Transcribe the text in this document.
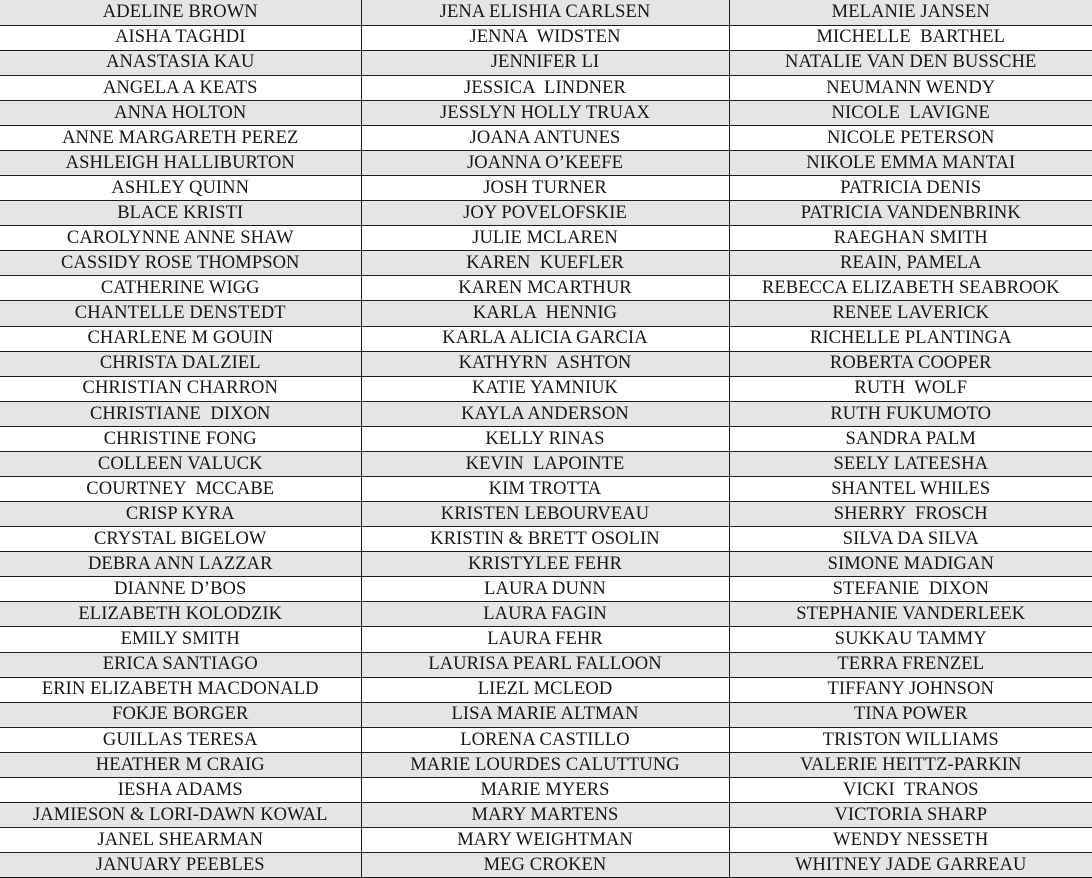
ADELINE BROWN	JENA ELISHIA CARLSEN	MELANIE JANSEN
AISHA TAGHDI	JENNA  WIDSTEN	MICHELLE  BARTHEL
ANASTASIA KAU	JENNIFER LI	NATALIE VAN DEN BUSSCHE
ANGELA A KEATS	JESSICA  LINDNER	NEUMANN WENDY
ANNA HOLTON	JESSLYN HOLLY TRUAX	NICOLE  LAVIGNE
ANNE MARGARETH PEREZ	JOANA ANTUNES	NICOLE PETERSON
ASHLEIGH HALLIBURTON	JOANNA O’KEEFE	NIKOLE EMMA MANTAI
ASHLEY QUINN	JOSH TURNER	PATRICIA DENIS
BLACE KRISTI	JOY POVELOFSKIE	PATRICIA VANDENBRINK
CAROLYNNE ANNE SHAW	JULIE MCLAREN	RAEGHAN SMITH
CASSIDY ROSE THOMPSON	KAREN  KUEFLER	REAIN, PAMELA
CATHERINE WIGG	KAREN MCARTHUR	REBECCA ELIZABETH SEABROOK
CHANTELLE DENSTEDT	KARLA  HENNIG	RENEE LAVERICK
CHARLENE M GOUIN	KARLA ALICIA GARCIA	RICHELLE PLANTINGA
CHRISTA DALZIEL	KATHYRN  ASHTON	ROBERTA COOPER
CHRISTIAN CHARRON	KATIE YAMNIUK	RUTH  WOLF
CHRISTIANE  DIXON	KAYLA ANDERSON	RUTH FUKUMOTO
CHRISTINE FONG	KELLY RINAS	SANDRA PALM
COLLEEN VALUCK	KEVIN  LAPOINTE	SEELY LATEESHA
COURTNEY  MCCABE	KIM TROTTA	SHANTEL WHILES
CRISP KYRA	KRISTEN LEBOURVEAU	SHERRY  FROSCH
CRYSTAL BIGELOW	KRISTIN & BRETT OSOLIN	SILVA DA SILVA
DEBRA ANN LAZZAR	KRISTYLEE FEHR	SIMONE MADIGAN
DIANNE D’BOS	LAURA DUNN	STEFANIE  DIXON
ELIZABETH KOLODZIK	LAURA FAGIN	STEPHANIE VANDERLEEK
EMILY SMITH	LAURA FEHR	SUKKAU TAMMY
ERICA SANTIAGO	LAURISA PEARL FALLOON	TERRA FRENZEL
ERIN ELIZABETH MACDONALD	LIEZL MCLEOD	TIFFANY JOHNSON
FOKJE BORGER	LISA MARIE ALTMAN	TINA POWER
GUILLAS TERESA	LORENA CASTILLO	TRISTON WILLIAMS
HEATHER M CRAIG	MARIE LOURDES CALUTTUNG	VALERIE HEITTZ-PARKIN
IESHA ADAMS	MARIE MYERS	VICKI  TRANOS
JAMIESON & LORI-DAWN KOWAL	MARY MARTENS	VICTORIA SHARP
JANEL SHEARMAN	MARY WEIGHTMAN	WENDY NESSETH
JANUARY PEEBLES	MEG CROKEN	WHITNEY JADE GARREAU
